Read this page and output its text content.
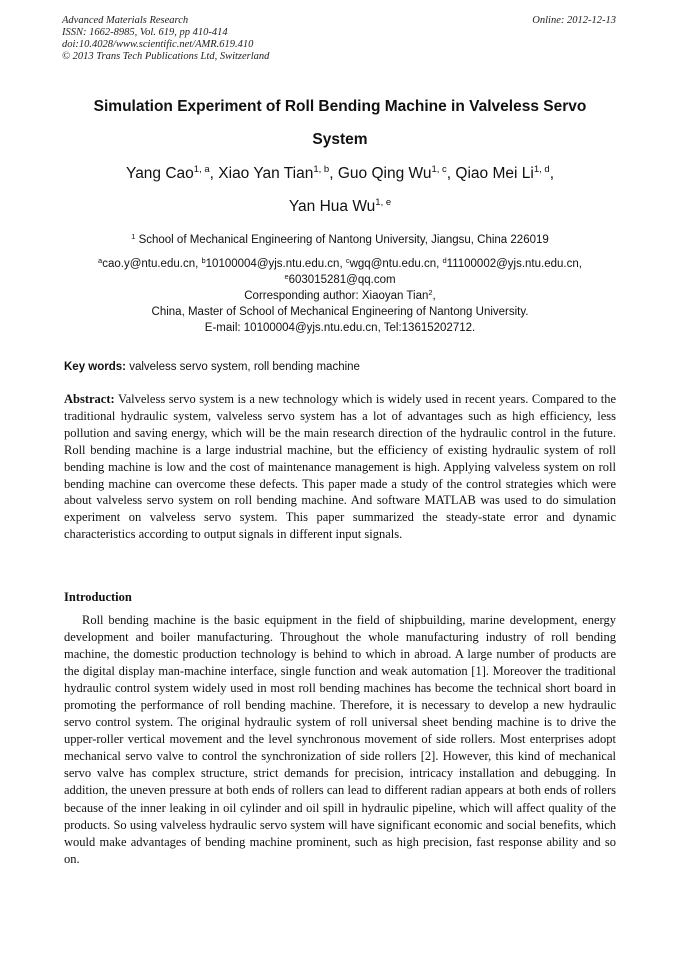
Advanced Materials Research
ISSN: 1662-8985, Vol. 619, pp 410-414
doi:10.4028/www.scientific.net/AMR.619.410
© 2013 Trans Tech Publications Ltd, Switzerland
Online: 2012-12-13
Simulation Experiment of Roll Bending Machine in Valveless Servo
System
Yang Cao$^{1, a}$, Xiao Yan Tian$^{1, b}$, Guo Qing Wu$^{1, c}$, Qiao Mei Li$^{1, d}$,
Yan Hua Wu$^{1, e}$
$^1$ School of Mechanical Engineering of Nantong University, Jiangsu, China 226019
$^a$cao.y@ntu.edu.cn, $^b$10100004@yjs.ntu.edu.cn, $^c$wgq@ntu.edu.cn, $^d$11100002@yjs.ntu.edu.cn,
$^e$603015281@qq.com
Corresponding author: Xiaoyan Tian$^2$,
China, Master of School of Mechanical Engineering of Nantong University.
E-mail: 10100004@yjs.ntu.edu.cn, Tel:13615202712.
Key words: valveless servo system, roll bending machine
Abstract: Valveless servo system is a new technology which is widely used in recent years. Compared to the traditional hydraulic system, valveless servo system has a lot of advantages such as high efficiency, less pollution and saving energy, which will be the main research direction of the hydraulic control in the future. Roll bending machine is a large industrial machine, but the efficiency of existing hydraulic system of roll bending machine is low and the cost of maintenance management is high. Applying valveless system on roll bending machine can overcome these defects. This paper made a study of the control strategies which were about valveless servo system on roll bending machine. And software MATLAB was used to do simulation experiment on valveless servo system. This paper summarized the steady-state error and dynamic characteristics according to output signals in different input signals.
Introduction
Roll bending machine is the basic equipment in the field of shipbuilding, marine development, energy development and boiler manufacturing. Throughout the whole manufacturing industry of roll bending machine, the domestic production technology is behind to which in abroad. A large number of products are the digital display man-machine interface, single function and weak automation [1]. Moreover the traditional hydraulic control system widely used in most roll bending machines has become the technical short board in promoting the performance of roll bending machine. Therefore, it is necessary to develop a new hydraulic servo control system. The original hydraulic system of roll universal sheet bending machine is to drive the upper-roller vertical movement and the level synchronous movement of side rollers. Most enterprises adopt mechanical servo valve to control the synchronization of side rollers [2]. However, this kind of mechanical servo valve has complex structure, strict demands for precision, intricacy installation and debugging. In addition, the uneven pressure at both ends of rollers can lead to different radian appears at both ends of rollers because of the inner leaking in oil cylinder and oil spill in hydraulic pipeline, which will affect quality of the products. So using valveless hydraulic servo system will have significant economic and social benefits, which would make advantages of bending machine prominent, such as high precision, fast response ability and so on.
